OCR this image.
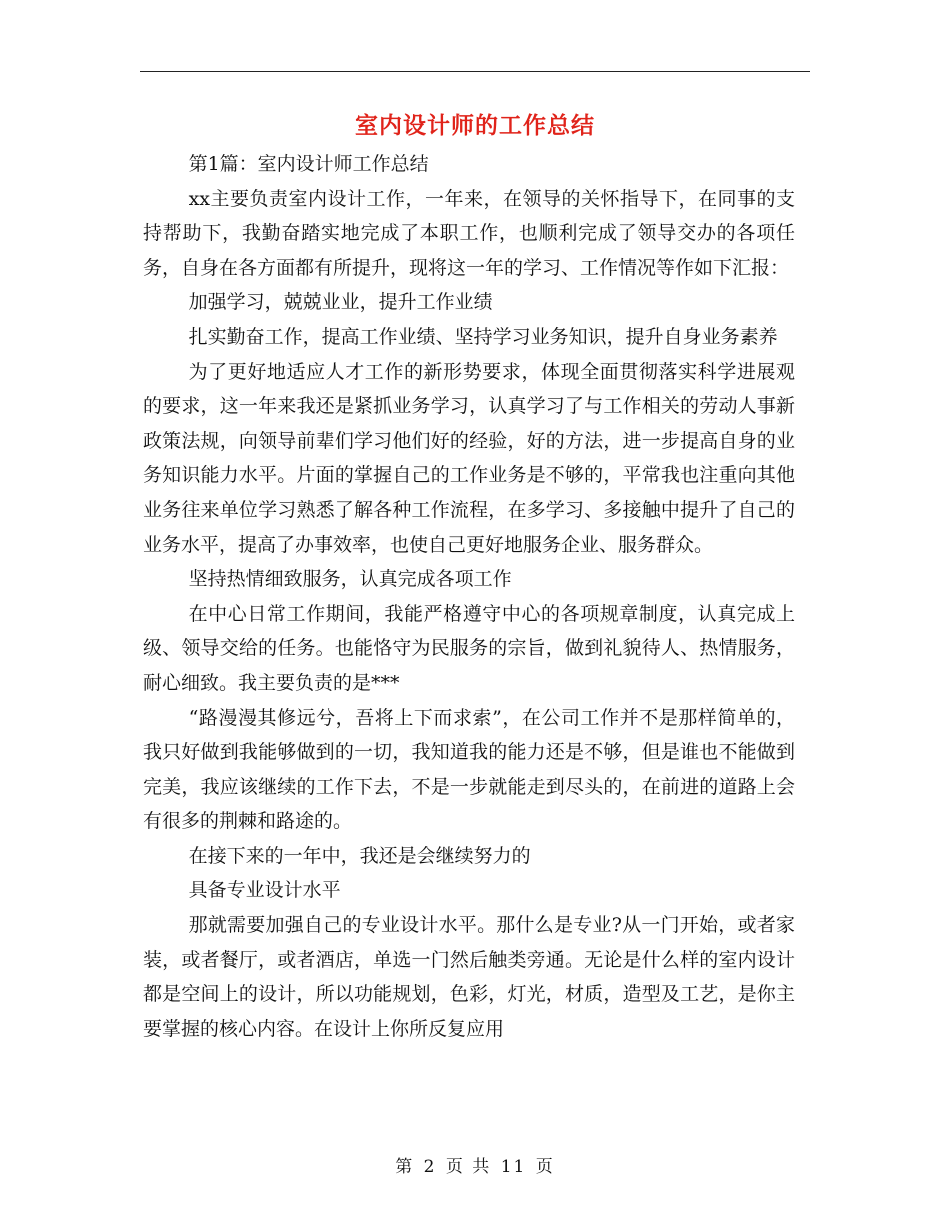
室内设计师的工作总结

第1篇：室内设计师工作总结

xx主要负责室内设计工作，一年来，在领导的关怀指导下，在同事的支持帮助下，我勤奋踏实地完成了本职工作，也顺利完成了领导交办的各项任务，自身在各方面都有所提升，现将这一年的学习、工作情况等作如下汇报：

加强学习，兢兢业业，提升工作业绩

扎实勤奋工作，提高工作业绩、坚持学习业务知识，提升自身业务素养

为了更好地适应人才工作的新形势要求，体现全面贯彻落实科学进展观的要求，这一年来我还是紧抓业务学习，认真学习了与工作相关的劳动人事新政策法规，向领导前辈们学习他们好的经验，好的方法，进一步提高自身的业务知识能力水平。片面的掌握自己的工作业务是不够的，平常我也注重向其他业务往来单位学习熟悉了解各种工作流程，在多学习、多接触中提升了自己的业务水平，提高了办事效率，也使自己更好地服务企业、服务群众。

坚持热情细致服务，认真完成各项工作

在中心日常工作期间，我能严格遵守中心的各项规章制度，认真完成上级、领导交给的任务。也能恪守为民服务的宗旨，做到礼貌待人、热情服务，耐心细致。我主要负责的是***

“路漫漫其修远兮，吾将上下而求索”，在公司工作并不是那样简单的，我只好做到我能够做到的一切，我知道我的能力还是不够，但是谁也不能做到完美，我应该继续的工作下去，不是一步就能走到尽头的，在前进的道路上会有很多的荆棘和路途的。

在接下来的一年中，我还是会继续努力的

具备专业设计水平

那就需要加强自己的专业设计水平。那什么是专业?从一门开始，或者家装，或者餐厅，或者酒店，单选一门然后触类旁通。无论是什么样的室内设计都是空间上的设计，所以功能规划，色彩，灯光，材质，造型及工艺，是你主要掌握的核心内容。在设计上你所反复应用

第 2 页 共 11 页
